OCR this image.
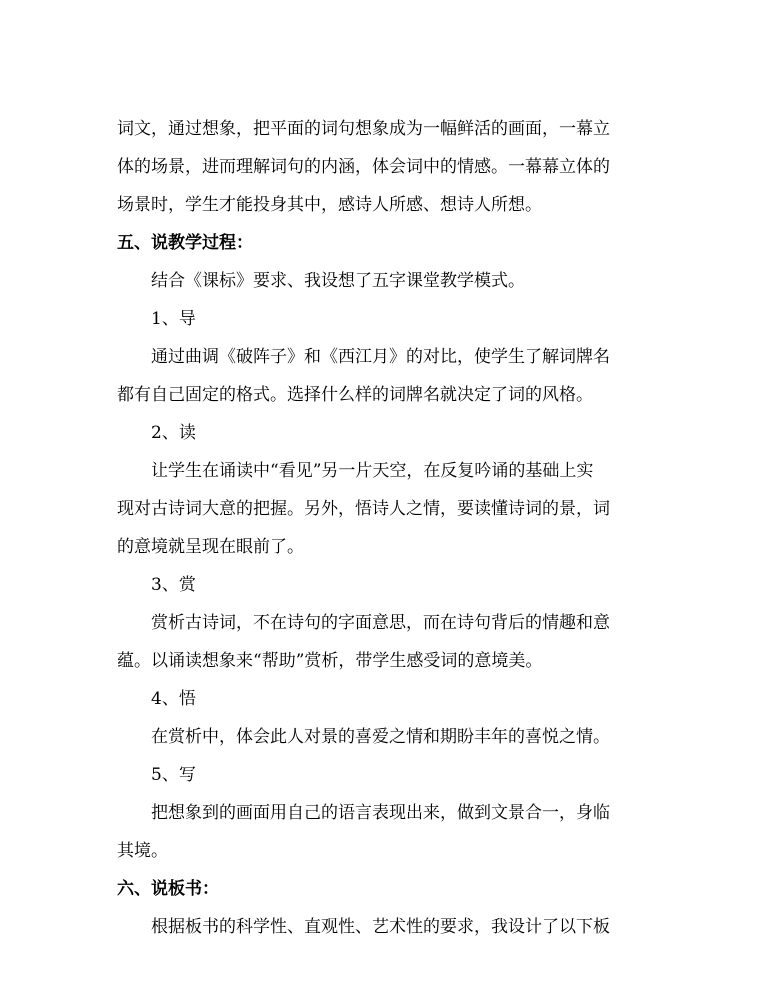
词文，通过想象，把平面的词句想象成为一幅鲜活的画面，一幕立
体的场景，进而理解词句的内涵，体会词中的情感。一幕幕立体的
场景时，学生才能投身其中，感诗人所感、想诗人所想。
五、说教学过程：
结合《课标》要求、我设想了五字课堂教学模式。
1、导
通过曲调《破阵子》和《西江月》的对比，使学生了解词牌名
都有自己固定的格式。选择什么样的词牌名就决定了词的风格。
2、读
让学生在诵读中“看见”另一片天空，在反复吟诵的基础上实
现对古诗词大意的把握。另外，悟诗人之情，要读懂诗词的景，词
的意境就呈现在眼前了。
3、赏
赏析古诗词，不在诗句的字面意思，而在诗句背后的情趣和意
蕴。以诵读想象来“帮助”赏析，带学生感受词的意境美。
4、悟
在赏析中，体会此人对景的喜爱之情和期盼丰年的喜悦之情。
5、写
把想象到的画面用自己的语言表现出来，做到文景合一，身临
其境。
六、说板书：
根据板书的科学性、直观性、艺术性的要求，我设计了以下板
